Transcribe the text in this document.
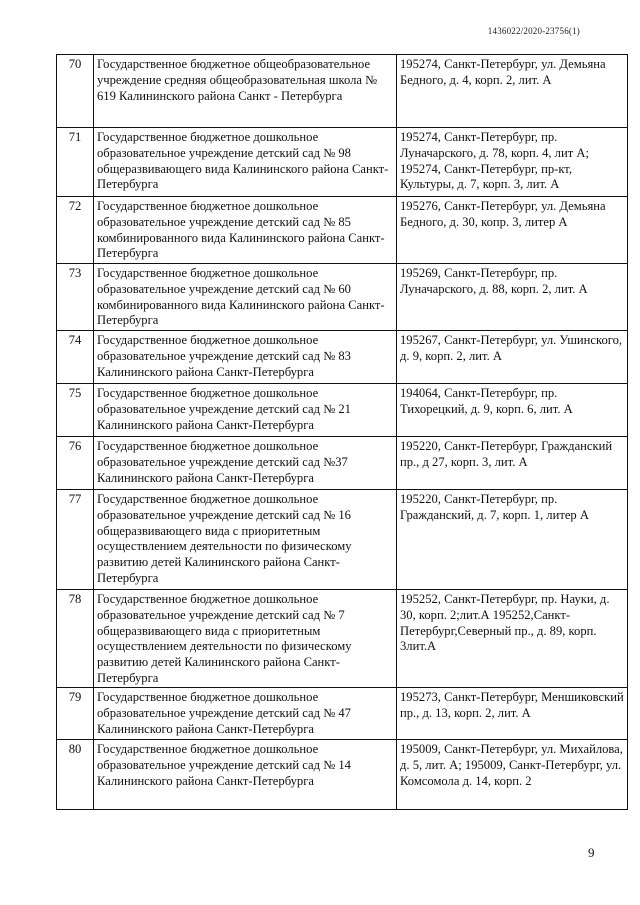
1436022/2020-23756(1)
70	Государственное бюджетное общеобразовательное учреждение средняя общеобразовательная школа № 619 Калининского района Санкт - Петербурга	195274, Санкт-Петербург, ул. Демьяна Бедного, д. 4, корп. 2, лит. А
71	Государственное бюджетное дошкольное образовательное учреждение детский сад № 98 общеразвивающего вида Калининского района Санкт-Петербурга	195274, Санкт-Петербург, пр. Луначарского, д. 78, корп. 4, лит А; 195274, Санкт-Петербург, пр-кт, Культуры, д. 7, корп. 3, лит. А
72	Государственное бюджетное дошкольное образовательное учреждение детский сад № 85 комбинированного вида Калининского района Санкт-Петербурга	195276, Санкт-Петербург, ул. Демьяна Бедного, д. 30, копр. 3, литер А
73	Государственное бюджетное дошкольное образовательное учреждение детский сад № 60 комбинированного вида Калининского района Санкт-Петербурга	195269, Санкт-Петербург, пр. Луначарского, д. 88, корп. 2, лит. А
74	Государственное бюджетное дошкольное образовательное учреждение детский сад № 83 Калининского района Санкт-Петербурга	195267, Санкт-Петербург, ул. Ушинского, д. 9, корп. 2, лит. А
75	Государственное бюджетное дошкольное образовательное учреждение детский сад № 21 Калининского района Санкт-Петербурга	194064, Санкт-Петербург, пр. Тихорецкий, д. 9, корп. 6, лит. А
76	Государственное бюджетное дошкольное образовательное учреждение детский сад №37 Калининского района Санкт-Петербурга	195220, Санкт-Петербург, Гражданский пр., д 27, корп. 3, лит. А
77	Государственное бюджетное дошкольное образовательное учреждение детский сад № 16 общеразвивающего вида с приоритетным осуществлением деятельности по физическому развитию детей Калининского района Санкт-Петербурга	195220, Санкт-Петербург, пр. Гражданский, д. 7, корп. 1, литер А
78	Государственное бюджетное дошкольное образовательное учреждение детский сад № 7 общеразвивающего вида с приоритетным осуществлением деятельности по физическому развитию детей Калининского района Санкт-Петербурга	195252, Санкт-Петербург, пр. Науки, д. 30, корп. 2;лит.А 195252,Санкт-Петербург,Северный пр., д. 89, корп. 3лит.А
79	Государственное бюджетное дошкольное образовательное учреждение детский сад № 47 Калининского района Санкт-Петербурга	195273, Санкт-Петербург, Меншиковский пр., д. 13, корп. 2, лит. А
80	Государственное бюджетное дошкольное образовательное учреждение детский сад № 14 Калининского района Санкт-Петербурга	195009, Санкт-Петербург, ул. Михайлова, д. 5, лит. А; 195009, Санкт-Петербург, ул. Комсомола д. 14, корп. 2
9
